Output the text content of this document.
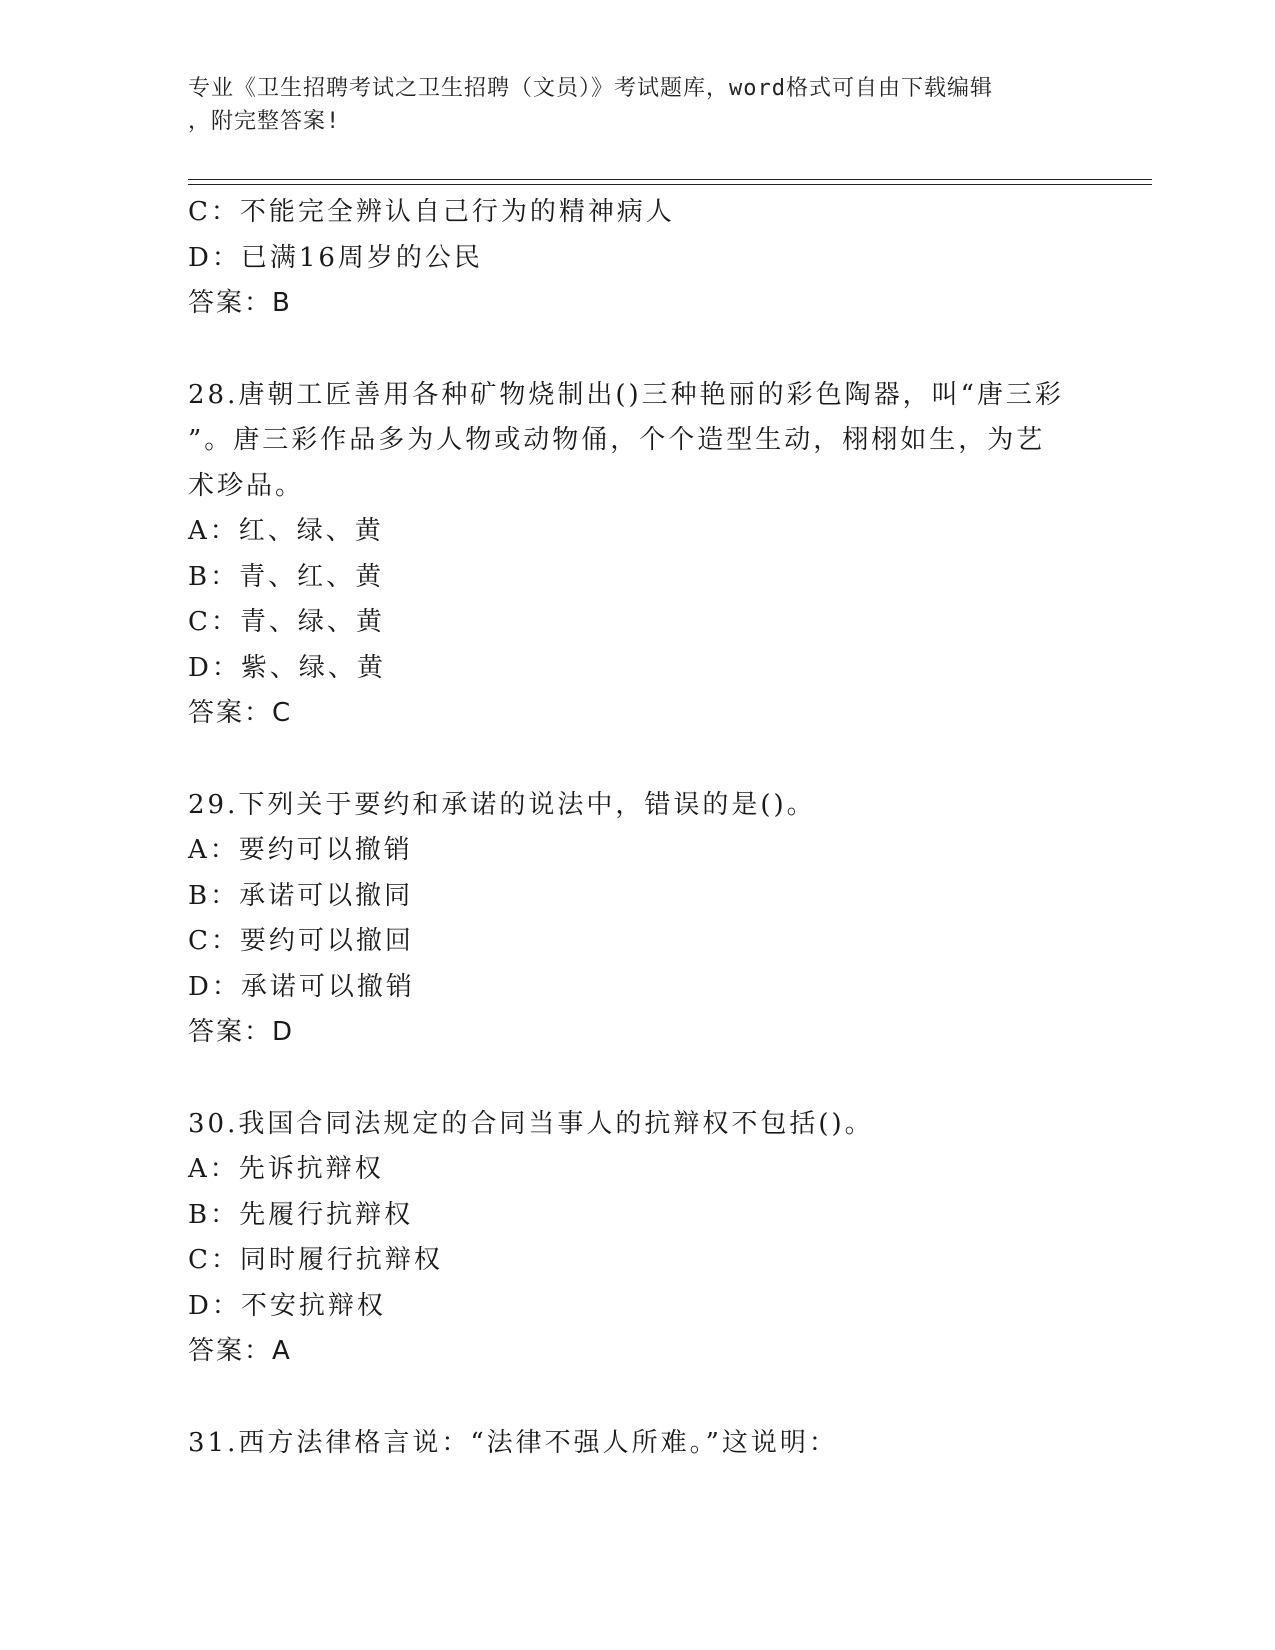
专业《卫生招聘考试之卫生招聘（文员）》考试题库，word格式可自由下载编辑

，附完整答案!

C：不能完全辨认自己行为的精神病人
D：已满16周岁的公民
答案：B
28.唐朝工匠善用各种矿物烧制出()三种艳丽的彩色陶器，叫“唐三彩
”。唐三彩作品多为人物或动物俑，个个造型生动，栩栩如生，为艺
术珍品。
A：红、绿、黄
B：青、红、黄
C：青、绿、黄
D：紫、绿、黄
答案：C
29.下列关于要约和承诺的说法中，错误的是()。
A：要约可以撤销
B：承诺可以撤同
C：要约可以撤回
D：承诺可以撤销
答案：D
30.我国合同法规定的合同当事人的抗辩权不包括()。
A：先诉抗辩权
B：先履行抗辩权
C：同时履行抗辩权
D：不安抗辩权
答案：A
31.西方法律格言说：“法律不强人所难。”这说明：
